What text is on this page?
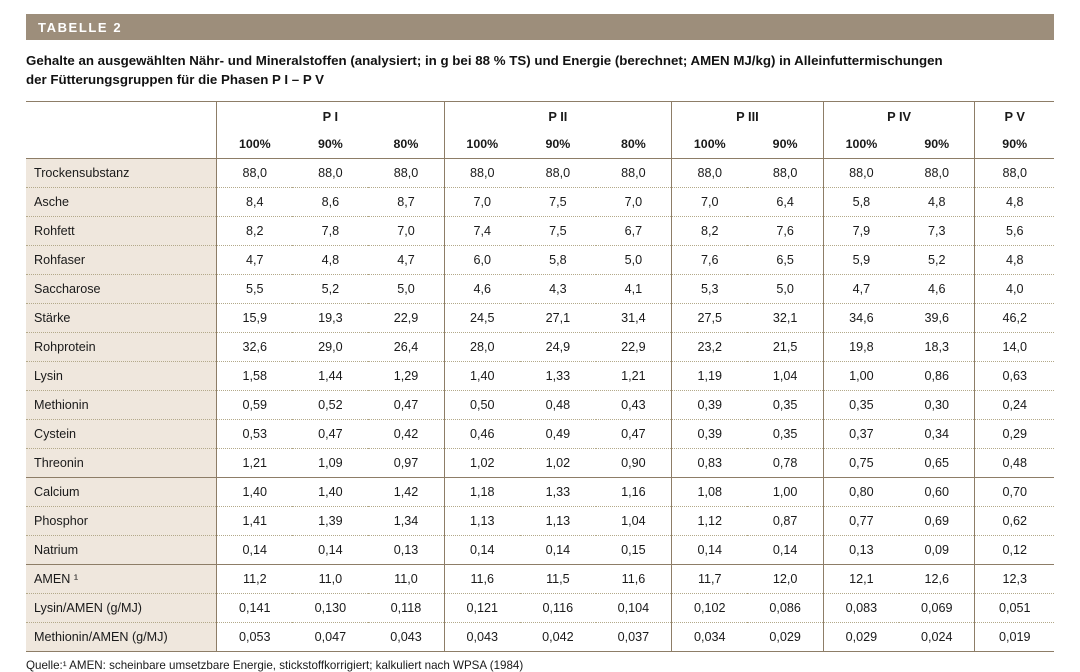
TABELLE 2
Gehalte an ausgewählten Nähr- und Mineralstoffen (analysiert; in g bei 88 % TS) und Energie (berechnet; AMEN MJ/kg) in Alleinfuttermischungen
der Fütterungsgruppen für die Phasen P I – P V
	P I			P II			P III		P IV		P V
	100%	90%	80%	100%	90%	80%	100%	90%	100%	90%	90%
Trockensubstanz	88,0	88,0	88,0	88,0	88,0	88,0	88,0	88,0	88,0	88,0	88,0
Asche	8,4	8,6	8,7	7,0	7,5	7,0	7,0	6,4	5,8	4,8	4,8
Rohfett	8,2	7,8	7,0	7,4	7,5	6,7	8,2	7,6	7,9	7,3	5,6
Rohfaser	4,7	4,8	4,7	6,0	5,8	5,0	7,6	6,5	5,9	5,2	4,8
Saccharose	5,5	5,2	5,0	4,6	4,3	4,1	5,3	5,0	4,7	4,6	4,0
Stärke	15,9	19,3	22,9	24,5	27,1	31,4	27,5	32,1	34,6	39,6	46,2
Rohprotein	32,6	29,0	26,4	28,0	24,9	22,9	23,2	21,5	19,8	18,3	14,0
Lysin	1,58	1,44	1,29	1,40	1,33	1,21	1,19	1,04	1,00	0,86	0,63
Methionin	0,59	0,52	0,47	0,50	0,48	0,43	0,39	0,35	0,35	0,30	0,24
Cystein	0,53	0,47	0,42	0,46	0,49	0,47	0,39	0,35	0,37	0,34	0,29
Threonin	1,21	1,09	0,97	1,02	1,02	0,90	0,83	0,78	0,75	0,65	0,48
Calcium	1,40	1,40	1,42	1,18	1,33	1,16	1,08	1,00	0,80	0,60	0,70
Phosphor	1,41	1,39	1,34	1,13	1,13	1,04	1,12	0,87	0,77	0,69	0,62
Natrium	0,14	0,14	0,13	0,14	0,14	0,15	0,14	0,14	0,13	0,09	0,12
AMEN ¹	11,2	11,0	11,0	11,6	11,5	11,6	11,7	12,0	12,1	12,6	12,3
Lysin/AMEN (g/MJ)	0,141	0,130	0,118	0,121	0,116	0,104	0,102	0,086	0,083	0,069	0,051
Methionin/AMEN (g/MJ)	0,053	0,047	0,043	0,043	0,042	0,037	0,034	0,029	0,029	0,024	0,019
Quelle:¹ AMEN: scheinbare umsetzbare Energie, stickstoffkorrigiert; kalkuliert nach WPSA (1984)
